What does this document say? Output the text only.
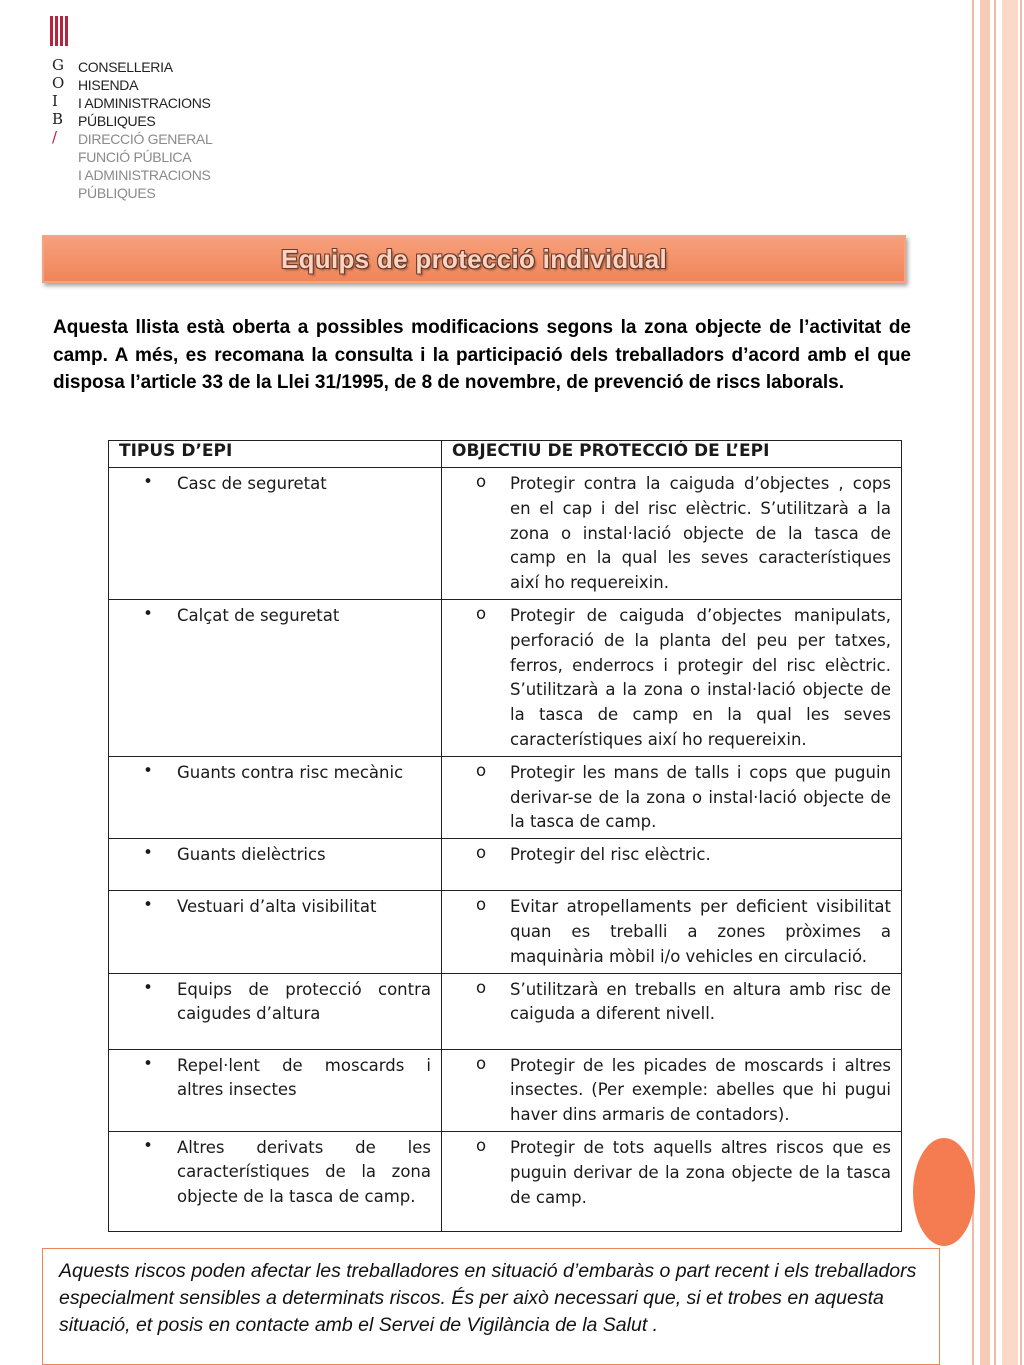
G
O
I
B
/
CONSELLERIA
HISENDA
I ADMINISTRACIONS
PÚBLIQUES
DIRECCIÓ GENERAL
FUNCIÓ PÚBLICA
I ADMINISTRACIONS
PÚBLIQUES
Equips de protecció individual
Aquesta llista està oberta a possibles modificacions segons la zona objecte de l’activitat de camp. A més, es recomana la consulta i la participació dels treballadors d’acord amb el que disposa l’article 33 de la Llei 31/1995, de 8 de novembre, de prevenció de riscs laborals.
TIPUS D’EPI	OBJECTIU DE PROTECCIÓ DE L’EPI

• Casc de seguretat	o Protegir contra la caiguda d’objectes , cops en el cap i del risc elèctric. S’utilitzarà a la zona o instal·lació objecte de la tasca de camp en la qual les seves característiques així ho requereixin.

• Calçat de seguretat	o Protegir de caiguda d’objectes manipulats, perforació de la planta del peu per tatxes, ferros, enderrocs i protegir del risc elèctric. S’utilitzarà a la zona o instal·lació objecte de la tasca de camp en la qual les seves característiques així ho requereixin.

• Guants contra risc mecànic	o Protegir les mans de talls i cops que puguin derivar-se de la zona o instal·lació objecte de la tasca de camp.

• Guants dielèctrics	o Protegir del risc elèctric.

• Vestuari d’alta visibilitat	o Evitar atropellaments per deficient visibilitat quan es treballi a zones pròximes a maquinària mòbil i/o vehicles en circulació.

• Equips de protecció contra caigudes d’altura	o S’utilitzarà en treballs en altura amb risc de caiguda a diferent nivell.

• Repel·lent de moscards i altres insectes	o Protegir de les picades de moscards i altres insectes. (Per exemple: abelles que hi pugui haver dins armaris de contadors).

• Altres derivats de les característiques de la zona objecte de la tasca de camp.	o Protegir de tots aquells altres riscos que es puguin derivar de la zona objecte de la tasca de camp.
Aquests riscos poden afectar les treballadores en situació d’embaràs o part recent i els treballadors especialment sensibles a determinats riscos. És per això necessari que, si et trobes en aquesta situació, et posis en contacte amb el Servei de Vigilància de la Salut .
